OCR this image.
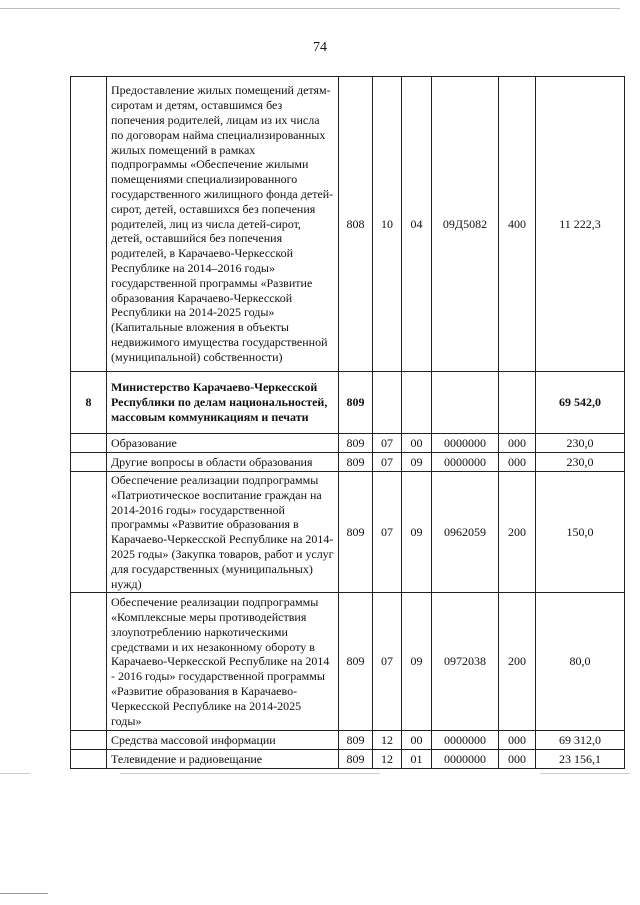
74
	Предоставление жилых помещений детям-сиротам и детям, оставшимся без попечения родителей, лицам из их числа по договорам найма специализированных жилых помещений в рамках подпрограммы «Обеспечение жилыми помещениями специализированного государственного жилищного фонда детей-сирот, детей, оставшихся без попечения родителей, лиц из числа детей-сирот, детей, оставшийся без попечения родителей, в Карачаево-Черкесской Республике на 2014–2016 годы» государственной программы «Развитие образования Карачаево-Черкесской Республики на 2014-2025 годы» (Капитальные вложения в объекты недвижимого имущества государственной (муниципальной) собственности)	808	10	04	09Д5082	400	11 222,3
8	Министерство Карачаево-Черкесской Республики по делам национальностей, массовым коммуникациям и печати	809					69 542,0
	Образование	809	07	00	0000000	000	230,0
	Другие вопросы в области образования	809	07	09	0000000	000	230,0
	Обеспечение реализации подпрограммы «Патриотическое воспитание граждан на 2014-2016 годы» государственной программы «Развитие образования в Карачаево-Черкесской Республике на 2014-2025 годы» (Закупка товаров, работ и услуг для государственных (муниципальных) нужд)	809	07	09	0962059	200	150,0
	Обеспечение реализации подпрограммы «Комплексные меры противодействия злоупотреблению наркотическими средствами и их незаконному обороту в Карачаево-Черкесской Республике на 2014 - 2016 годы» государственной программы «Развитие образования в Карачаево-Черкесской Республике на 2014-2025 годы»	809	07	09	0972038	200	80,0
	Средства массовой информации	809	12	00	0000000	000	69 312,0
	Телевидение и радиовещание	809	12	01	0000000	000	23 156,1
